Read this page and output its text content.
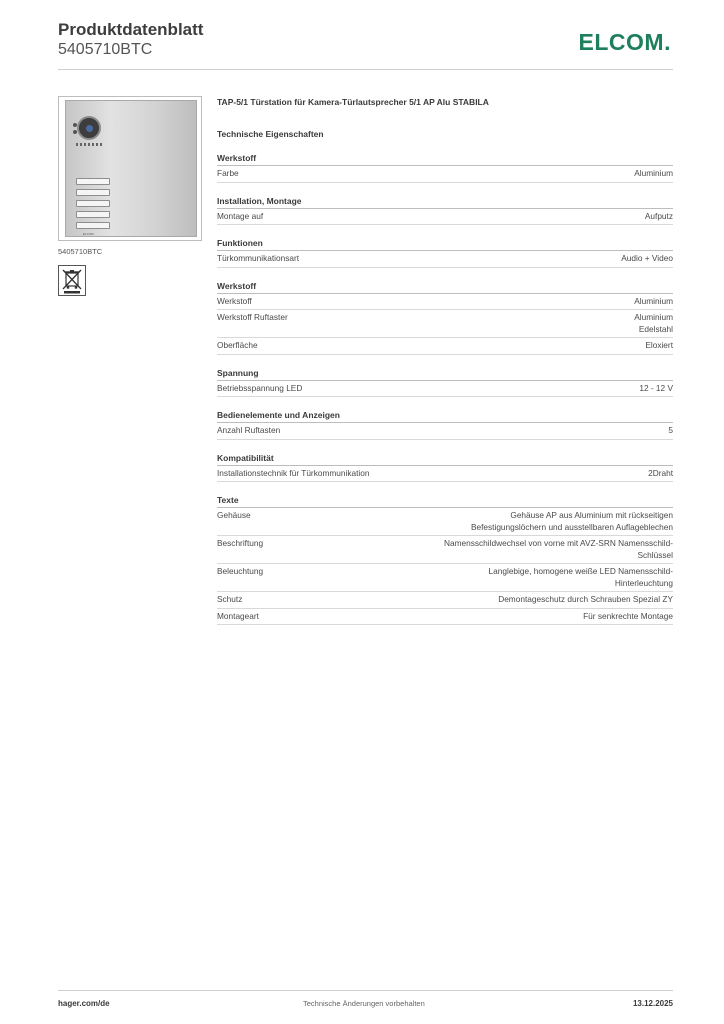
Produktdatenblatt
5405710BTC	ELCOM.
ELCOM
5405710BTC
TAP-5/1 Türstation für Kamera-Türlautsprecher 5/1 AP Alu STABILA
Technische Eigenschaften
Werkstoff
Farbe	Aluminium
Installation, Montage
Montage auf	Aufputz
Funktionen
Türkommunikationsart	Audio + Video
Werkstoff
Werkstoff	Aluminium
Werkstoff Ruftaster	Aluminium
Edelstahl
Oberfläche	Eloxiert
Spannung
Betriebsspannung LED	12 - 12 V
Bedienelemente und Anzeigen
Anzahl Ruftasten	5
Kompatibilität
Installationstechnik für Türkommunikation	2Draht
Texte
Gehäuse	Gehäuse AP aus Aluminium mit rückseitigen
Befestigungslöchern und ausstellbaren Auflageblechen
Beschriftung	Namensschildwechsel von vorne mit AVZ-SRN Namensschild-
Schlüssel
Beleuchtung	Langlebige, homogene weiße LED Namensschild-
Hinterleuchtung
Schutz	Demontageschutz durch Schrauben Spezial ZY
Montageart	Für senkrechte Montage
hager.com/de	Technische Änderungen vorbehalten	13.12.2025
